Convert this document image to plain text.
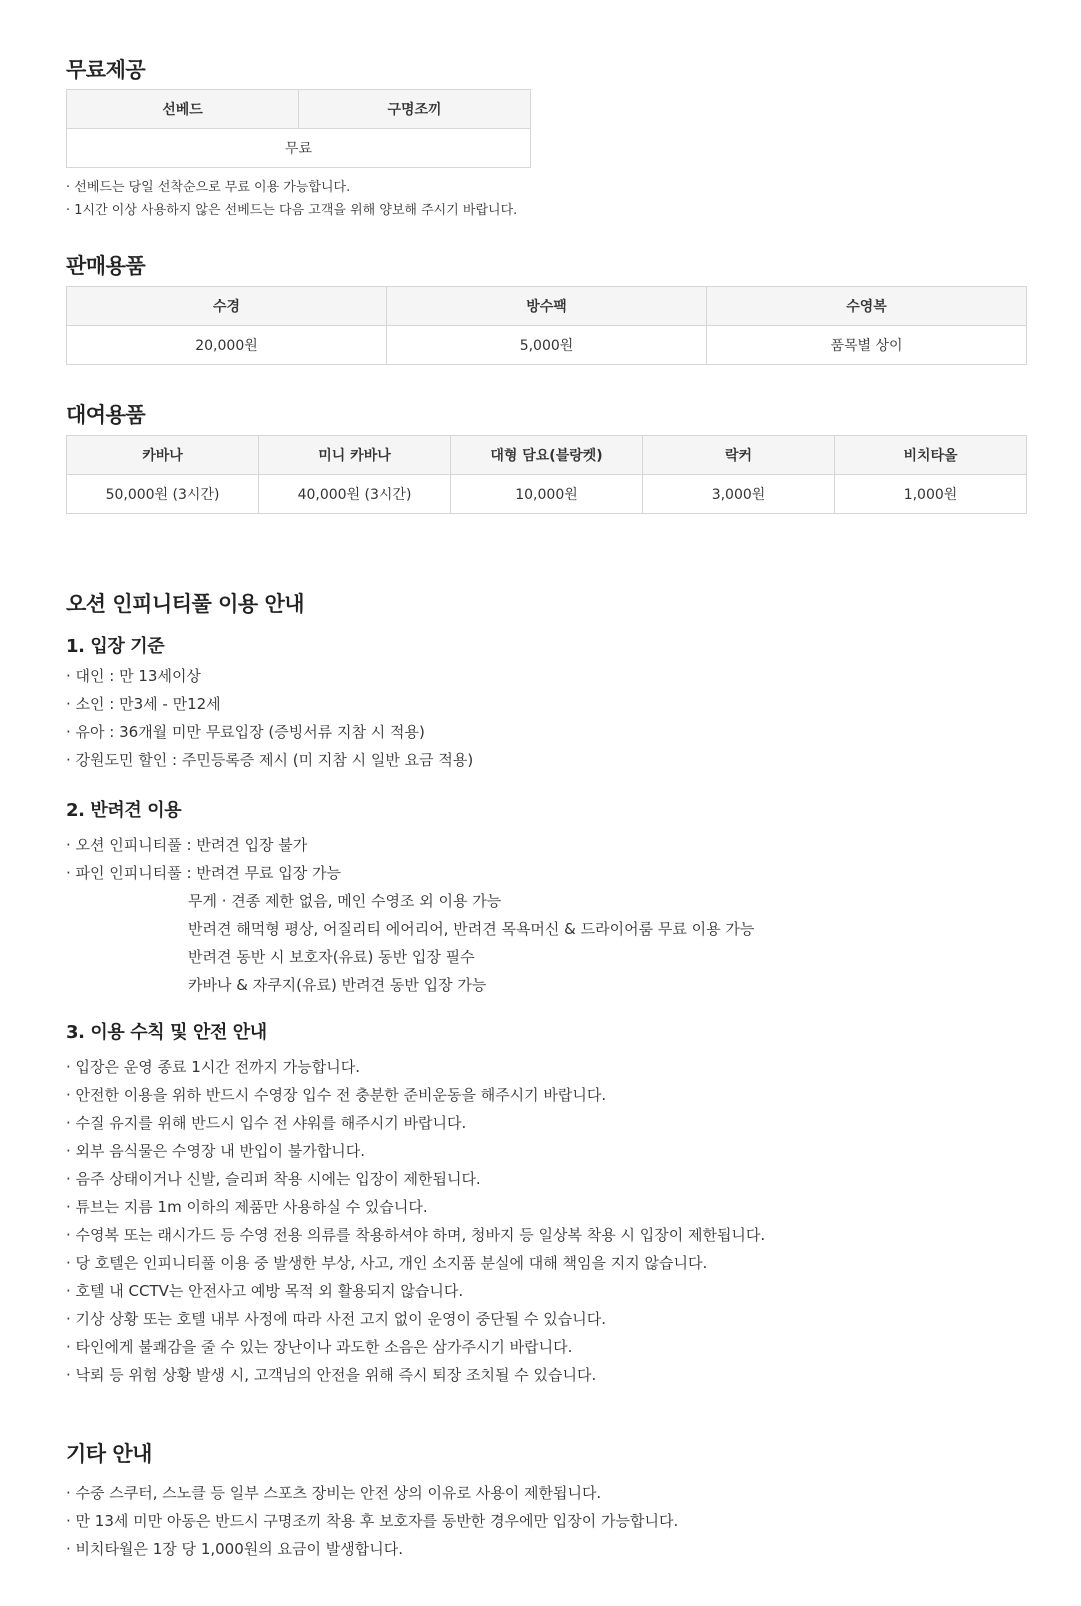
무료제공
선베드	구명조끼
무료
· 선베드는 당일 선착순으로 무료 이용 가능합니다.
· 1시간 이상 사용하지 않은 선베드는 다음 고객을 위해 양보해 주시기 바랍니다.
판매용품
수경	방수팩	수영복
20,000원	5,000원	품목별 상이
대여용품
카바나	미니 카바나	대형 담요(블랑켓)	락커	비치타올
50,000원 (3시간)	40,000원 (3시간)	10,000원	3,000원	1,000원
오션 인피니티풀 이용 안내
1. 입장 기준
· 대인 : 만 13세이상
· 소인 : 만3세 - 만12세
· 유아 : 36개월 미만 무료입장 (증빙서류 지참 시 적용)
· 강원도민 할인 : 주민등록증 제시 (미 지참 시 일반 요금 적용)
2. 반려견 이용
· 오션 인피니티풀 : 반려견 입장 불가
· 파인 인피니티풀 : 반려견 무료 입장 가능
무게 · 견종 제한 없음, 메인 수영조 외 이용 가능
반려견 해먹형 평상, 어질리티 에어리어, 반려견 목욕머신 & 드라이어룸 무료 이용 가능
반려견 동반 시 보호자(유료) 동반 입장 필수
카바나 & 자쿠지(유료) 반려견 동반 입장 가능
3. 이용 수칙 및 안전 안내
· 입장은 운영 종료 1시간 전까지 가능합니다.
· 안전한 이용을 위하 반드시 수영장 입수 전 충분한 준비운동을 해주시기 바랍니다.
· 수질 유지를 위해 반드시 입수 전 샤워를 해주시기 바랍니다.
· 외부 음식물은 수영장 내 반입이 불가합니다.
· 음주 상태이거나 신발, 슬리퍼 착용 시에는 입장이 제한됩니다.
· 튜브는 지름 1m 이하의 제품만 사용하실 수 있습니다.
· 수영복 또는 래시가드 등 수영 전용 의류를 착용하셔야 하며, 청바지 등 일상복 착용 시 입장이 제한됩니다.
· 당 호텔은 인피니티풀 이용 중 발생한 부상, 사고, 개인 소지품 분실에 대해 책임을 지지 않습니다.
· 호텔 내 CCTV는 안전사고 예방 목적 외 활용되지 않습니다.
· 기상 상황 또는 호텔 내부 사정에 따라 사전 고지 없이 운영이 중단될 수 있습니다.
· 타인에게 불쾌감을 줄 수 있는 장난이나 과도한 소음은 삼가주시기 바랍니다.
· 낙뢰 등 위험 상황 발생 시, 고객님의 안전을 위해 즉시 퇴장 조치될 수 있습니다.
기타 안내
· 수중 스쿠터, 스노클 등 일부 스포츠 장비는 안전 상의 이유로 사용이 제한됩니다.
· 만 13세 미만 아동은 반드시 구명조끼 착용 후 보호자를 동반한 경우에만 입장이 가능합니다.
· 비치타월은 1장 당 1,000원의 요금이 발생합니다.
